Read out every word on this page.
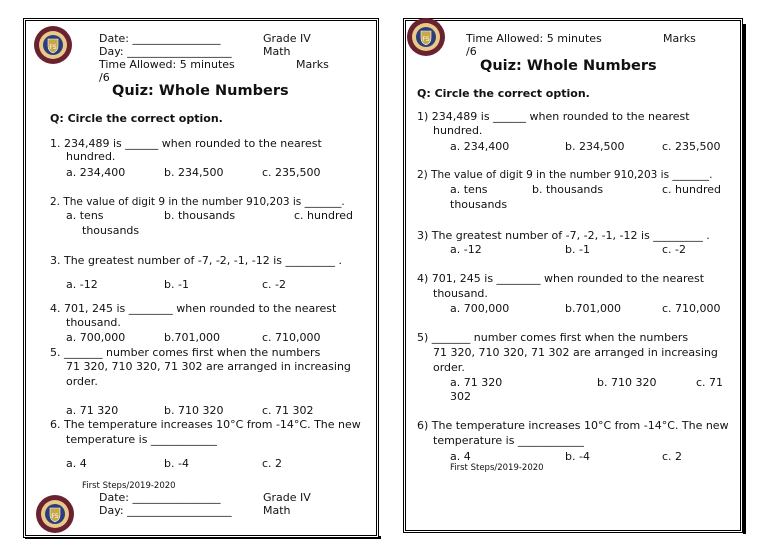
FS
Date: ________________	Grade IV
Day: ___________________	Math
Time Allowed: 5 minutes	Marks
/6
Quiz: Whole Numbers
Q: Circle the correct option.
1. 234,489 is ______ when rounded to the nearest
hundred.
a. 234,400	b. 234,500	c. 235,500
2. The value of digit 9 in the number 910,203 is _______.
a. tens	b. thousands	c. hundred
thousands
3. The greatest number of -7, -2, -1, -12 is _________ .
a. -12	b. -1	c. -2
4. 701, 245 is ________ when rounded to the nearest
thousand.
a. 700,000	b.701,000	c. 710,000
5. _______ number comes first when the numbers
71 320, 710 320, 71 302 are arranged in increasing
order.
a. 71 320	b. 710 320	c. 71 302
6. The temperature increases 10°C from -14°C. The new
temperature is ____________
a. 4	b. -4	c. 2
First Steps/2019-2020
FS
Date: ________________	Grade IV
Day: ___________________	Math
FS	Time Allowed: 5 minutes	Marks
/6
Quiz: Whole Numbers
Q: Circle the correct option.
1) 234,489 is ______ when rounded to the nearest
hundred.
a. 234,400	b. 234,500	c. 235,500
2) The value of digit 9 in the number 910,203 is _______.
a. tens	b. thousands	c. hundred
thousands
3) The greatest number of -7, -2, -1, -12 is _________ .
a. -12	b. -1	c. -2
4) 701, 245 is ________ when rounded to the nearest
thousand.
a. 700,000	b.701,000	c. 710,000
5) _______ number comes first when the numbers
71 320, 710 320, 71 302 are arranged in increasing
order.
a. 71 320	b. 710 320	c. 71
302
6) The temperature increases 10°C from -14°C. The new
temperature is ____________
a. 4	b. -4	c. 2
First Steps/2019-2020
